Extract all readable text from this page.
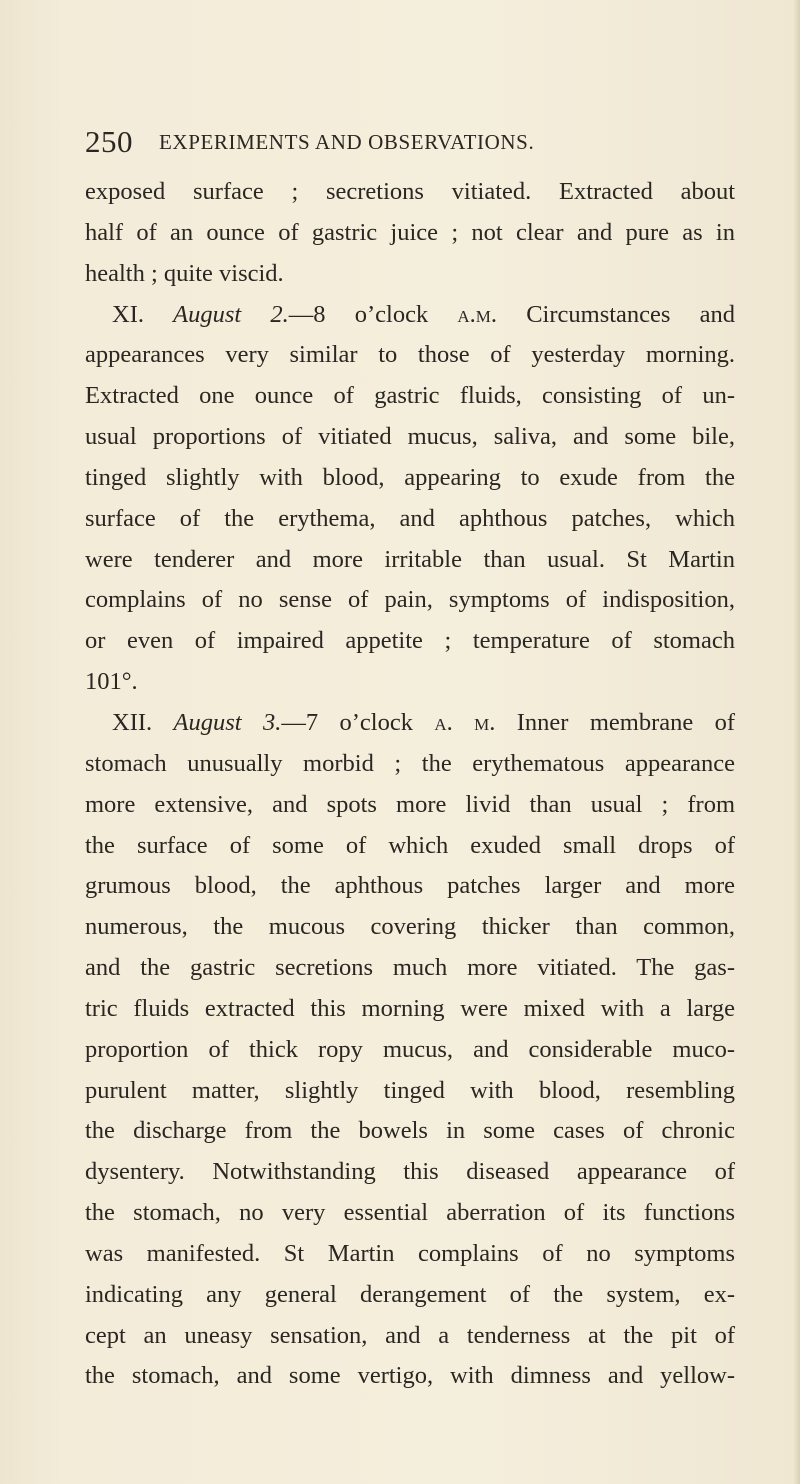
250 EXPERIMENTS AND OBSERVATIONS.
exposed surface ; secretions vitiated. Extracted about
half of an ounce of gastric juice ; not clear and pure as in
health ; quite viscid.
XI. August 2.—8 o’clock a.m. Circumstances and
appearances very similar to those of yesterday morning.
Extracted one ounce of gastric fluids, consisting of un-
usual proportions of vitiated mucus, saliva, and some bile,
tinged slightly with blood, appearing to exude from the
surface of the erythema, and aphthous patches, which
were tenderer and more irritable than usual. St Martin
complains of no sense of pain, symptoms of indisposition,
or even of impaired appetite ; temperature of stomach
101°.
XII. August 3.—7 o’clock a. m. Inner membrane of
stomach unusually morbid ; the erythematous appearance
more extensive, and spots more livid than usual ; from
the surface of some of which exuded small drops of
grumous blood, the aphthous patches larger and more
numerous, the mucous covering thicker than common,
and the gastric secretions much more vitiated. The gas-
tric fluids extracted this morning were mixed with a large
proportion of thick ropy mucus, and considerable muco-
purulent matter, slightly tinged with blood, resembling
the discharge from the bowels in some cases of chronic
dysentery. Notwithstanding this diseased appearance of
the stomach, no very essential aberration of its functions
was manifested. St Martin complains of no symptoms
indicating any general derangement of the system, ex-
cept an uneasy sensation, and a tenderness at the pit of
the stomach, and some vertigo, with dimness and yellow-
